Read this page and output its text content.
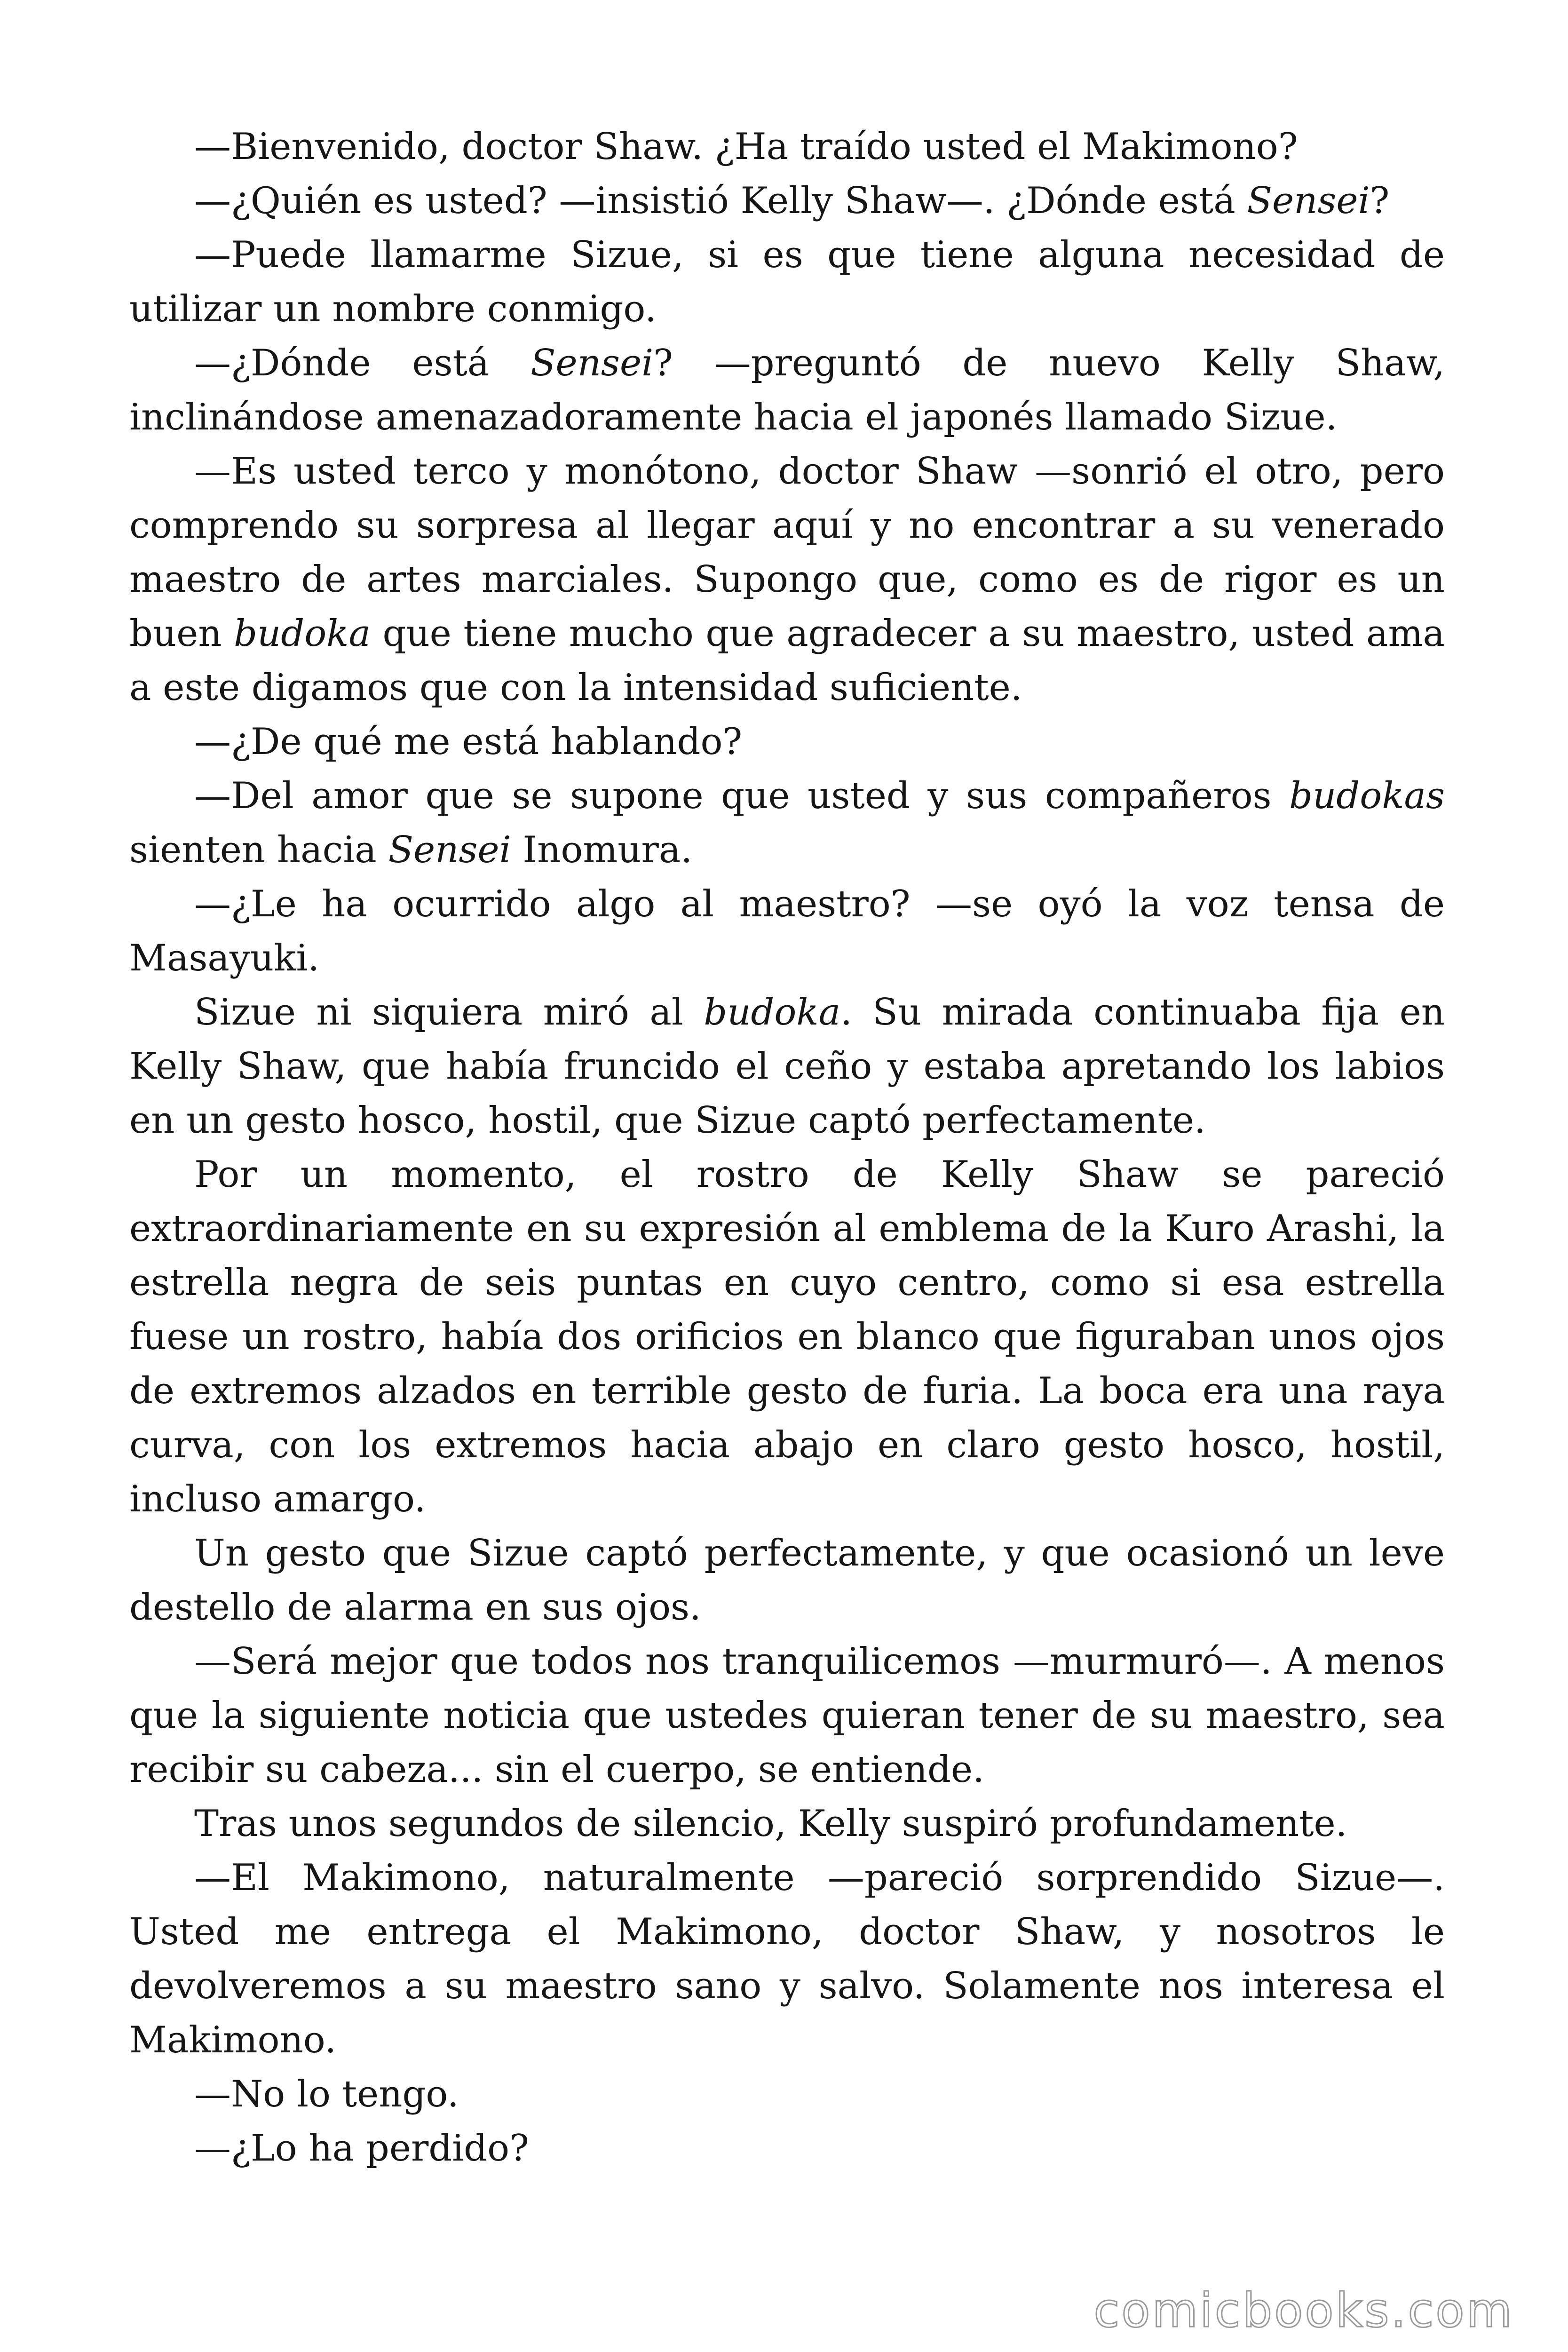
—Bienvenido, doctor Shaw. ¿Ha traído usted el Makimono?

—¿Quién es usted? —insistió Kelly Shaw—. ¿Dónde está Sensei?

—Puede llamarme Sizue, si es que tiene alguna necesidad de utilizar un nombre conmigo.

—¿Dónde está Sensei? —preguntó de nuevo Kelly Shaw, inclinándose amenazadoramente hacia el japonés llamado Sizue.

—Es usted terco y monótono, doctor Shaw —sonrió el otro, pero comprendo su sorpresa al llegar aquí y no encontrar a su venerado maestro de artes marciales. Supongo que, como es de rigor es un buen budoka que tiene mucho que agradecer a su maestro, usted ama a este digamos que con la intensidad suficiente.

—¿De qué me está hablando?

—Del amor que se supone que usted y sus compañeros budokas sienten hacia Sensei Inomura.

—¿Le ha ocurrido algo al maestro? —se oyó la voz tensa de Masayuki.

Sizue ni siquiera miró al budoka. Su mirada continuaba fija en Kelly Shaw, que había fruncido el ceño y estaba apretando los labios en un gesto hosco, hostil, que Sizue captó perfectamente.

Por un momento, el rostro de Kelly Shaw se pareció extraordinariamente en su expresión al emblema de la Kuro Arashi, la estrella negra de seis puntas en cuyo centro, como si esa estrella fuese un rostro, había dos orificios en blanco que figuraban unos ojos de extremos alzados en terrible gesto de furia. La boca era una raya curva, con los extremos hacia abajo en claro gesto hosco, hostil, incluso amargo.

Un gesto que Sizue captó perfectamente, y que ocasionó un leve destello de alarma en sus ojos.

—Será mejor que todos nos tranquilicemos —murmuró—. A menos que la siguiente noticia que ustedes quieran tener de su maestro, sea recibir su cabeza... sin el cuerpo, se entiende.

Tras unos segundos de silencio, Kelly suspiró profundamente.

—El Makimono, naturalmente —pareció sorprendido Sizue—. Usted me entrega el Makimono, doctor Shaw, y nosotros le devolveremos a su maestro sano y salvo. Solamente nos interesa el Makimono.

—No lo tengo.

—¿Lo ha perdido?

comicbooks.com
